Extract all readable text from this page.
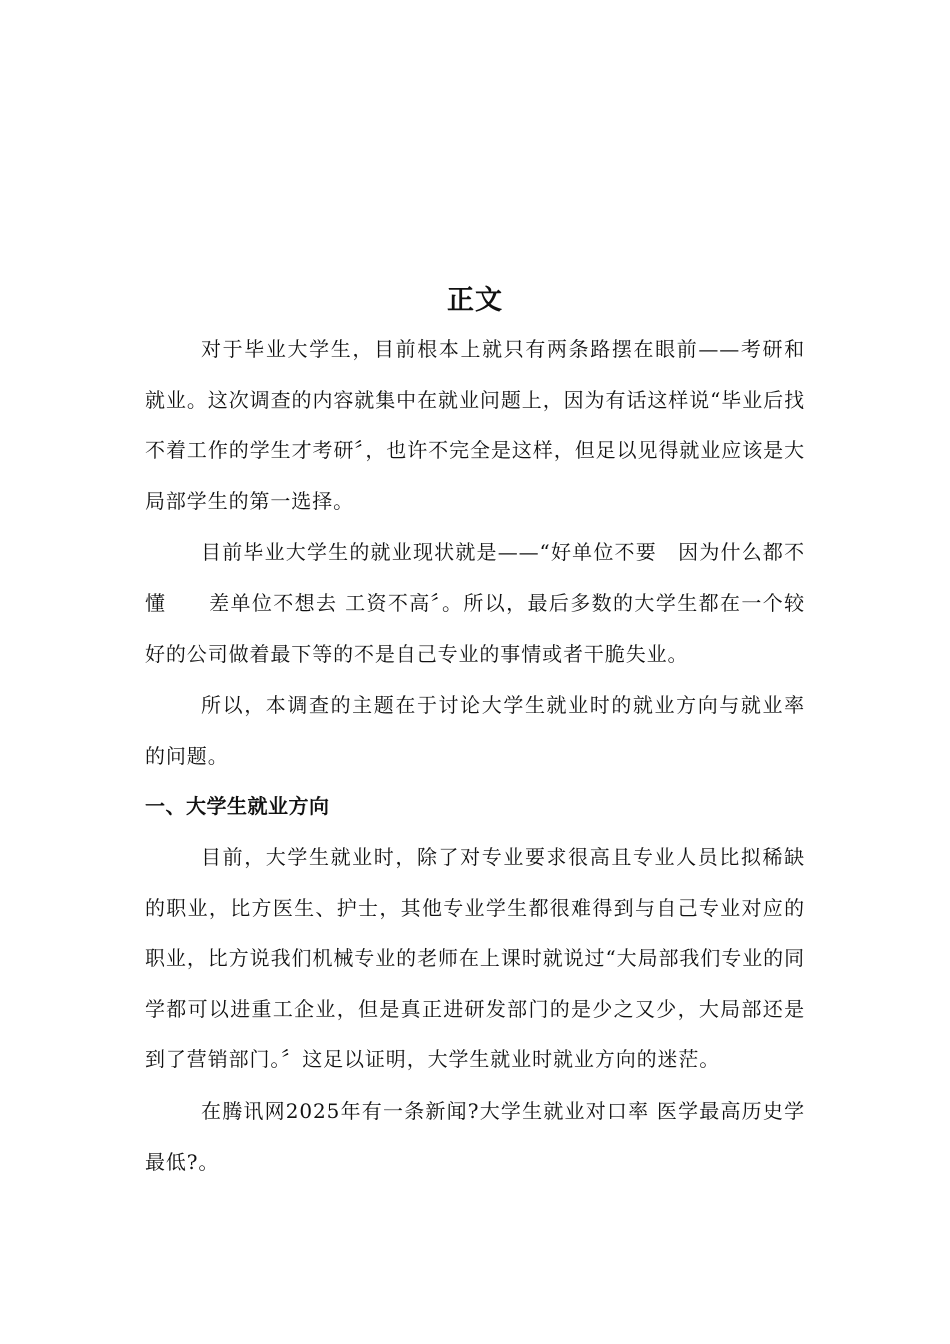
正文

对于毕业大学生，目前根本上就只有两条路摆在眼前——考研和就业。这次调查的内容就集中在就业问题上，因为有话这样说“毕业后找不着工作的学生才考研〞，也许不完全是这样，但足以见得就业应该是大局部学生的第一选择。

目前毕业大学生的就业现状就是——“好单位不要　因为什么都不懂　　差单位不想去 工资不高〞。所以，最后多数的大学生都在一个较好的公司做着最下等的不是自己专业的事情或者干脆失业。

所以，本调查的主题在于讨论大学生就业时的就业方向与就业率的问题。

一、大学生就业方向

目前，大学生就业时，除了对专业要求很高且专业人员比拟稀缺的职业，比方医生、护士，其他专业学生都很难得到与自己专业对应的职业，比方说我们机械专业的老师在上课时就说过“大局部我们专业的同学都可以进重工企业，但是真正进研发部门的是少之又少，大局部还是到了营销部门。〞这足以证明，大学生就业时就业方向的迷茫。

在腾讯网2025年有一条新闻?大学生就业对口率 医学最高历史学最低?。
